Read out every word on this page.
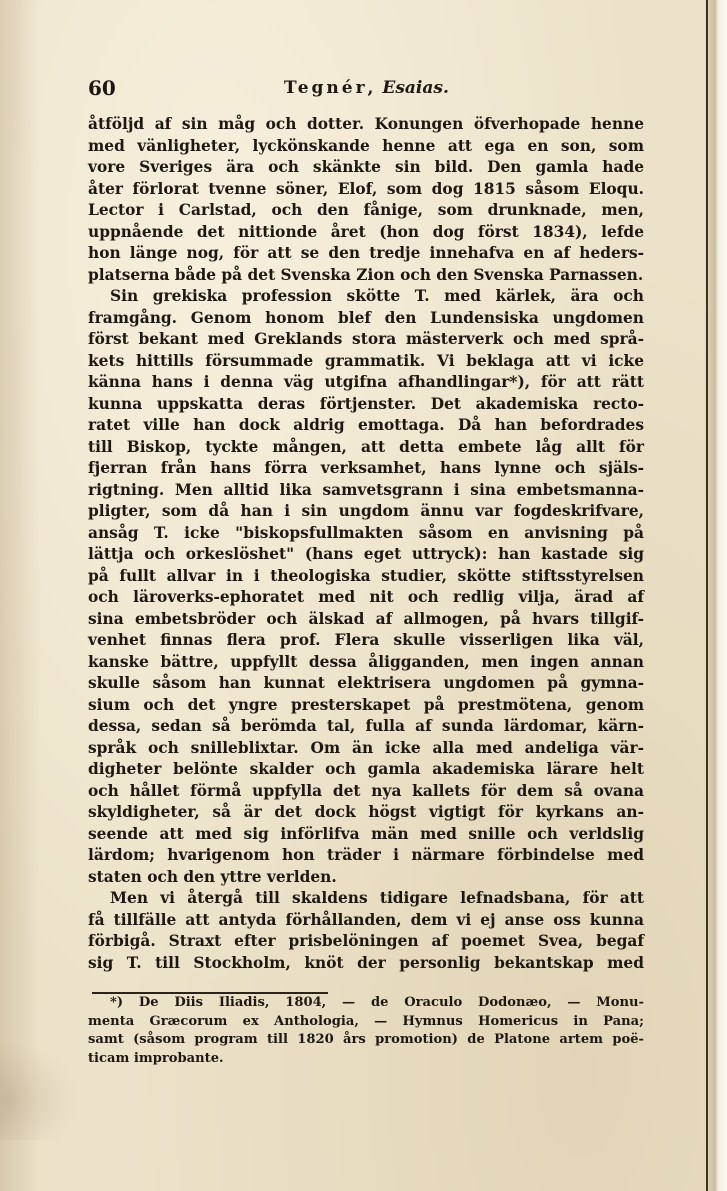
60	Tegnér, Esaias.
åtföljd af sin måg och dotter. Konungen öfverhopade henne
med vänligheter, lyckönskande henne att ega en son, som
vore Sveriges ära och skänkte sin bild. Den gamla hade
åter förlorat tvenne söner, Elof, som dog 1815 såsom Eloqu.
Lector i Carlstad, och den fånige, som drunknade, men,
uppnående det nittionde året (hon dog först 1834), lefde
hon länge nog, för att se den tredje innehafva en af heders-
platserna både på det Svenska Zion och den Svenska Parnassen.
Sin grekiska profession skötte T. med kärlek, ära och
framgång. Genom honom blef den Lundensiska ungdomen
först bekant med Greklands stora mästerverk och med språ-
kets hittills försummade grammatik. Vi beklaga att vi icke
känna hans i denna väg utgifna afhandlingar*), för att rätt
kunna uppskatta deras förtjenster. Det akademiska recto-
ratet ville han dock aldrig emottaga. Då han befordrades
till Biskop, tyckte mången, att detta embete låg allt för
fjerran från hans förra verksamhet, hans lynne och själs-
rigtning. Men alltid lika samvetsgrann i sina embetsmanna-
pligter, som då han i sin ungdom ännu var fogdeskrifvare,
ansåg T. icke "biskopsfullmakten såsom en anvisning på
lättja och orkeslöshet" (hans eget uttryck): han kastade sig
på fullt allvar in i theologiska studier, skötte stiftsstyrelsen
och läroverks-ephoratet med nit och redlig vilja, ärad af
sina embetsbröder och älskad af allmogen, på hvars tillgif-
venhet finnas flera prof. Flera skulle visserligen lika väl,
kanske bättre, uppfyllt dessa åligganden, men ingen annan
skulle såsom han kunnat elektrisera ungdomen på gymna-
sium och det yngre presterskapet på prestmötena, genom
dessa, sedan så berömda tal, fulla af sunda lärdomar, kärn-
språk och snilleblixtar. Om än icke alla med andeliga vär-
digheter belönte skalder och gamla akademiska lärare helt
och hållet förmå uppfylla det nya kallets för dem så ovana
skyldigheter, så är det dock högst vigtigt för kyrkans an-
seende att med sig införlifva män med snille och verldslig
lärdom; hvarigenom hon träder i närmare förbindelse med
staten och den yttre verlden.
Men vi återgå till skaldens tidigare lefnadsbana, för att
få tillfälle att antyda förhållanden, dem vi ej anse oss kunna
förbigå. Straxt efter prisbelöningen af poemet Svea, begaf
sig T. till Stockholm, knöt der personlig bekantskap med
*) De Diis Iliadis, 1804, — de Oraculo Dodonæo, — Monu-
menta Græcorum ex Anthologia, — Hymnus Homericus in Pana;
samt (såsom program till 1820 års promotion) de Platone artem poë-
ticam improbante.
